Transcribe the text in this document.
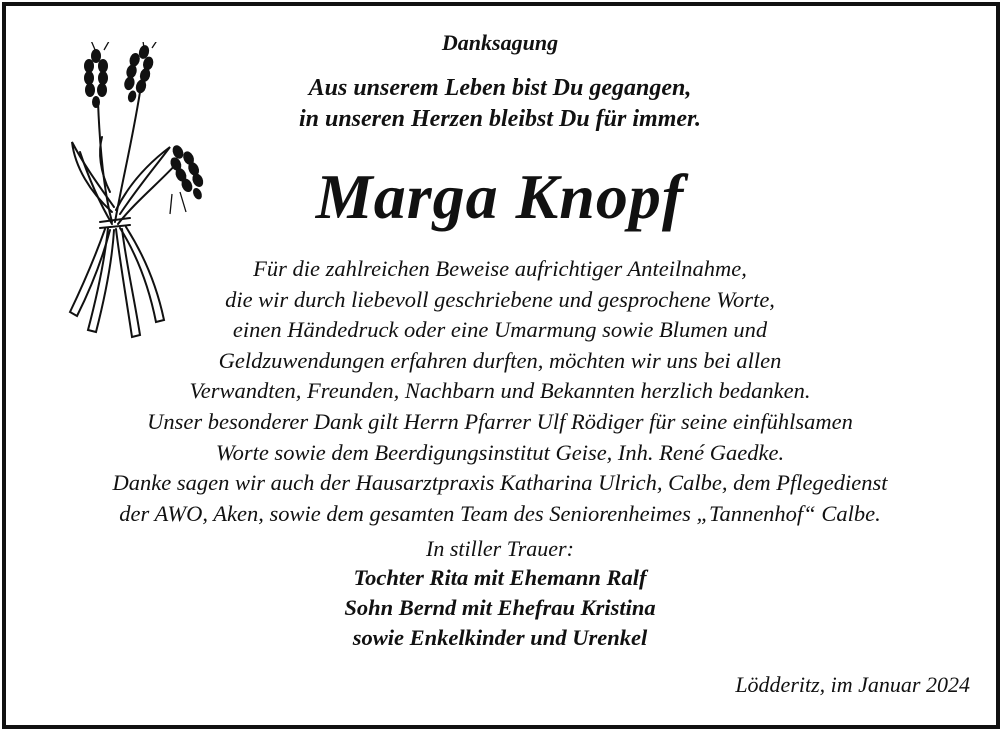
Danksagung
Aus unserem Leben bist Du gegangen,
in unseren Herzen bleibst Du für immer.
Marga Knopf
Für die zahlreichen Beweise aufrichtiger Anteilnahme,
die wir durch liebevoll geschriebene und gesprochene Worte,
einen Händedruck oder eine Umarmung sowie Blumen und
Geldzuwendungen erfahren durften, möchten wir uns bei allen
Verwandten, Freunden, Nachbarn und Bekannten herzlich bedanken.
Unser besonderer Dank gilt Herrn Pfarrer Ulf Rödiger für seine einfühlsamen
Worte sowie dem Beerdigungsinstitut Geise, Inh. René Gaedke.
Danke sagen wir auch der Hausarztpraxis Katharina Ulrich, Calbe, dem Pflegedienst
der AWO, Aken, sowie dem gesamten Team des Seniorenheimes „Tannenhof“ Calbe.
In stiller Trauer:
Tochter Rita mit Ehemann Ralf
Sohn Bernd mit Ehefrau Kristina
sowie Enkelkinder und Urenkel
Lödderitz, im Januar 2024
